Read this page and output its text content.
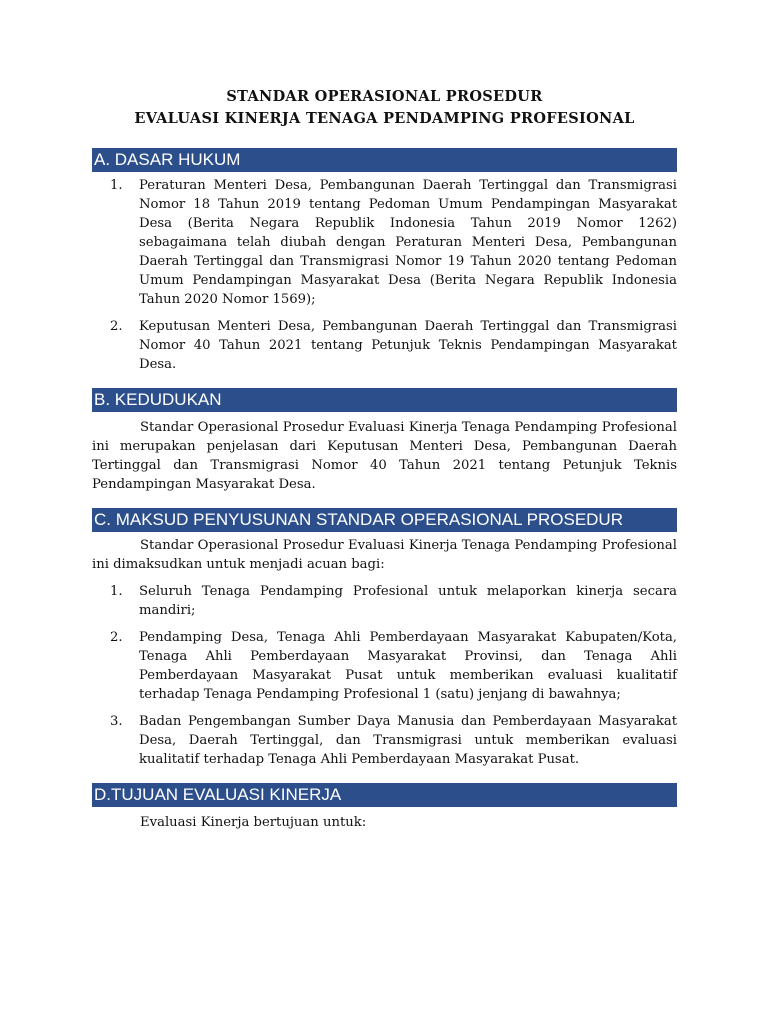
STANDAR OPERASIONAL PROSEDUR
EVALUASI KINERJA TENAGA PENDAMPING PROFESIONAL
A. DASAR HUKUM
1.	Peraturan Menteri Desa, Pembangunan Daerah Tertinggal dan Transmigrasi Nomor 18 Tahun 2019 tentang Pedoman Umum Pendampingan Masyarakat Desa (Berita Negara Republik Indonesia Tahun 2019 Nomor 1262) sebagaimana telah diubah dengan Peraturan Menteri Desa, Pembangunan Daerah Tertinggal dan Transmigrasi Nomor 19 Tahun 2020 tentang Pedoman Umum Pendampingan Masyarakat Desa (Berita Negara Republik Indonesia Tahun 2020 Nomor 1569);
2.	Keputusan Menteri Desa, Pembangunan Daerah Tertinggal dan Transmigrasi Nomor 40 Tahun 2021 tentang Petunjuk Teknis Pendampingan Masyarakat Desa.
B. KEDUDUKAN

Standar Operasional Prosedur Evaluasi Kinerja Tenaga Pendamping Profesional ini merupakan penjelasan dari Keputusan Menteri Desa, Pembangunan Daerah Tertinggal dan Transmigrasi Nomor 40 Tahun 2021 tentang Petunjuk Teknis Pendampingan Masyarakat Desa.

C. MAKSUD PENYUSUNAN STANDAR OPERASIONAL PROSEDUR

Standar Operasional Prosedur Evaluasi Kinerja Tenaga Pendamping Profesional ini dimaksudkan untuk menjadi acuan bagi:

1.	Seluruh Tenaga Pendamping Profesional untuk melaporkan kinerja secara mandiri;
2.	Pendamping Desa, Tenaga Ahli Pemberdayaan Masyarakat Kabupaten/Kota, Tenaga Ahli Pemberdayaan Masyarakat Provinsi, dan Tenaga Ahli Pemberdayaan Masyarakat Pusat untuk memberikan evaluasi kualitatif terhadap Tenaga Pendamping Profesional 1 (satu) jenjang di bawahnya;
3.	Badan Pengembangan Sumber Daya Manusia dan Pemberdayaan Masyarakat Desa, Daerah Tertinggal, dan Transmigrasi untuk memberikan evaluasi kualitatif terhadap Tenaga Ahli Pemberdayaan Masyarakat Pusat.
D.TUJUAN EVALUASI KINERJA

Evaluasi Kinerja bertujuan untuk:
